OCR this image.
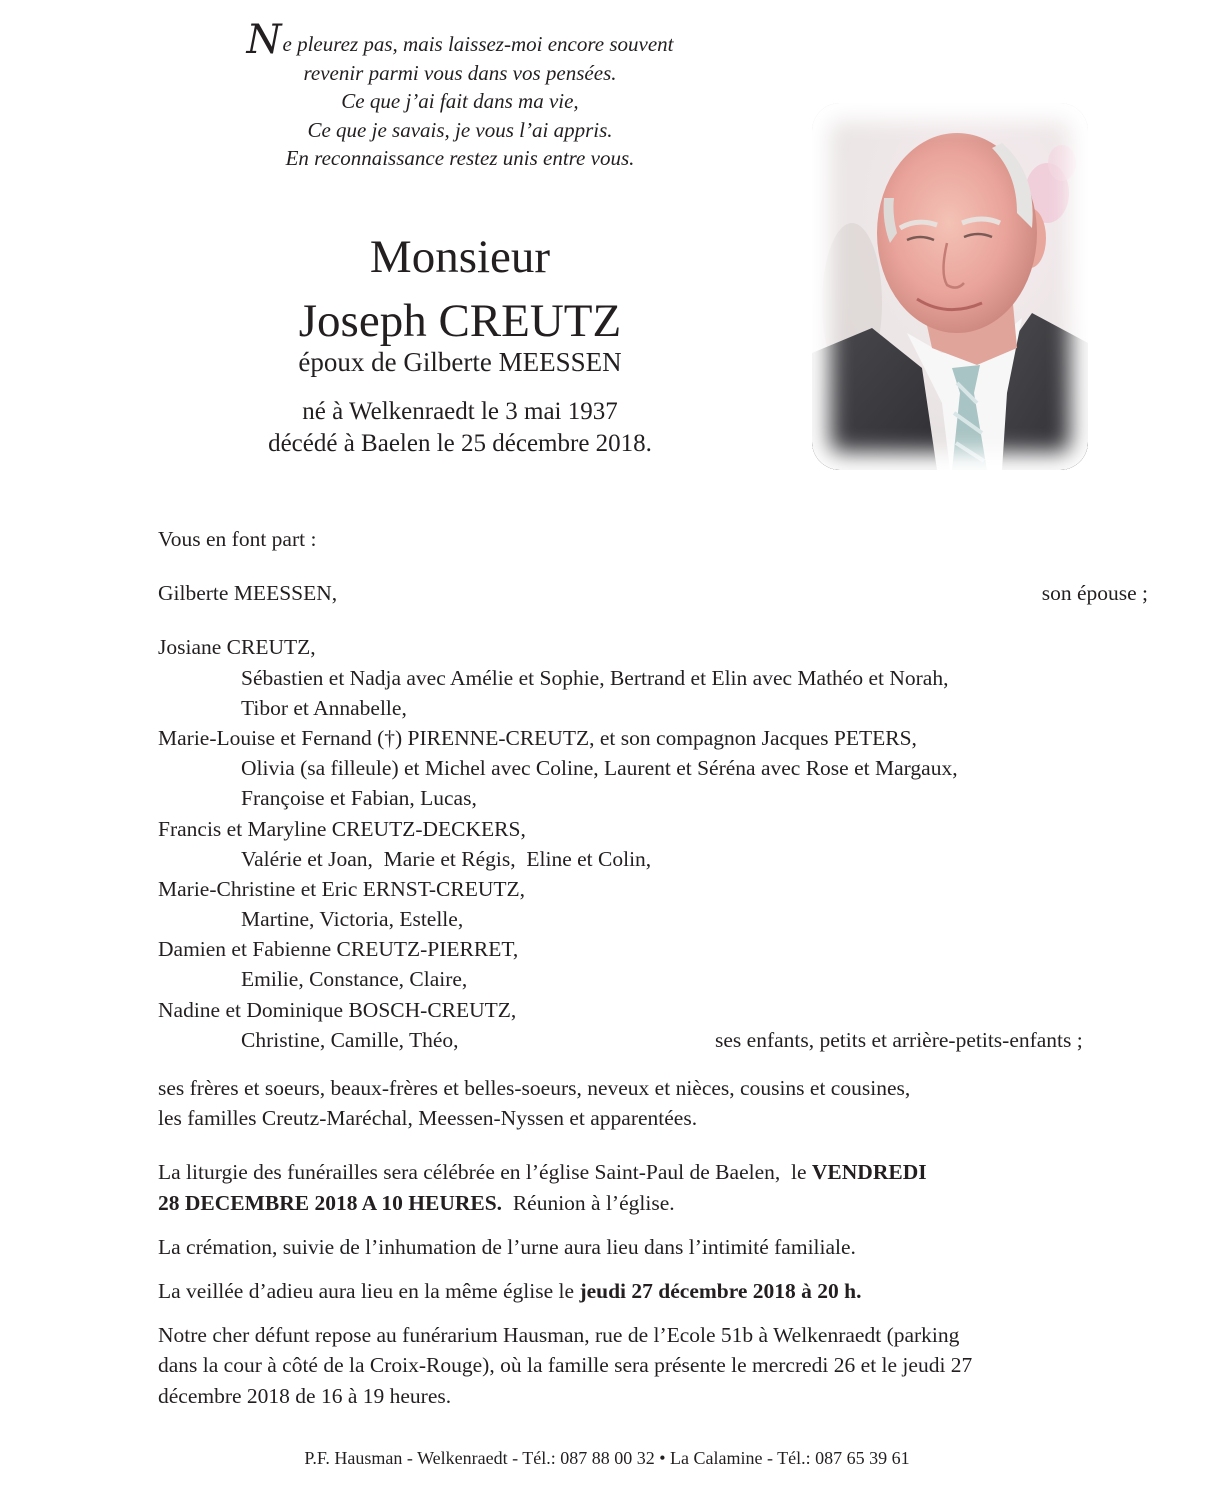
Ne pleurez pas, mais laissez-moi encore souvent
revenir parmi vous dans vos pensées.
Ce que j’ai fait dans ma vie,
Ce que je savais, je vous l’ai appris.
En reconnaissance restez unis entre vous.
Monsieur
Joseph CREUTZ
époux de Gilberte MEESSEN
né à Welkenraedt le 3 mai 1937
décédé à Baelen le 25 décembre 2018.
Vous en font part :
Gilberte MEESSEN,	son épouse ;
Josiane CREUTZ,
Sébastien et Nadja avec Amélie et Sophie, Bertrand et Elin avec Mathéo et Norah,
Tibor et Annabelle,
Marie-Louise et Fernand (†) PIRENNE-CREUTZ, et son compagnon Jacques PETERS,
Olivia (sa filleule) et Michel avec Coline, Laurent et Séréna avec Rose et Margaux,
Françoise et Fabian, Lucas,
Francis et Maryline CREUTZ-DECKERS,
Valérie et Joan,  Marie et Régis,  Eline et Colin,
Marie-Christine et Eric ERNST-CREUTZ,
Martine, Victoria, Estelle,
Damien et Fabienne CREUTZ-PIERRET,
Emilie, Constance, Claire,
Nadine et Dominique BOSCH-CREUTZ,
Christine, Camille, Théo,	ses enfants, petits et arrière-petits-enfants ;
ses frères et soeurs, beaux-frères et belles-soeurs, neveux et nièces, cousins et cousines,
les familles Creutz-Maréchal, Meessen-Nyssen et apparentées.
La liturgie des funérailles sera célébrée en l’église Saint-Paul de Baelen,  le VENDREDI
28 DECEMBRE 2018 A 10 HEURES.  Réunion à l’église.
La crémation, suivie de l’inhumation de l’urne aura lieu dans l’intimité familiale.
La veillée d’adieu aura lieu en la même église le jeudi 27 décembre 2018 à 20 h.
Notre cher défunt repose au funérarium Hausman, rue de l’Ecole 51b à Welkenraedt (parking
dans la cour à côté de la Croix-Rouge), où la famille sera présente le mercredi 26 et le jeudi 27
décembre 2018 de 16 à 19 heures.
P.F. Hausman - Welkenraedt - Tél.: 087 88 00 32 • La Calamine - Tél.: 087 65 39 61
